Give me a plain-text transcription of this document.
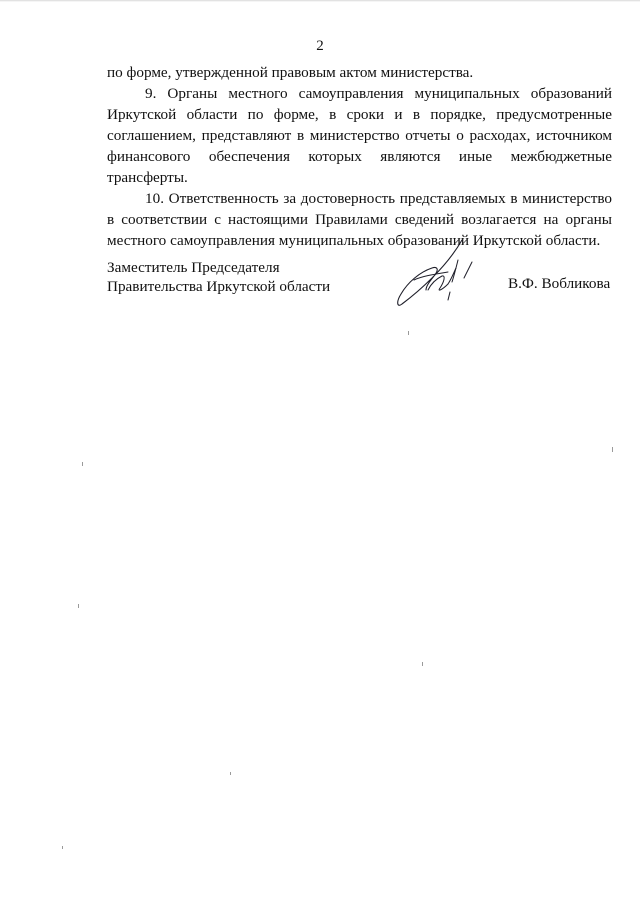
2
по форме, утвержденной правовым актом министерства.
9. Органы местного самоуправления муниципальных образований
Иркутской области по форме, в сроки и в порядке, предусмотренные
соглашением, представляют в министерство отчеты о расходах, источником
финансового обеспечения которых являются иные межбюджетные
трансферты.
10. Ответственность за достоверность представляемых в министерство
в соответствии с настоящими Правилами сведений возлагается на органы
местного самоуправления муниципальных образований Иркутской области.
Заместитель Председателя
Правительства Иркутской области	В.Ф. Вобликова
